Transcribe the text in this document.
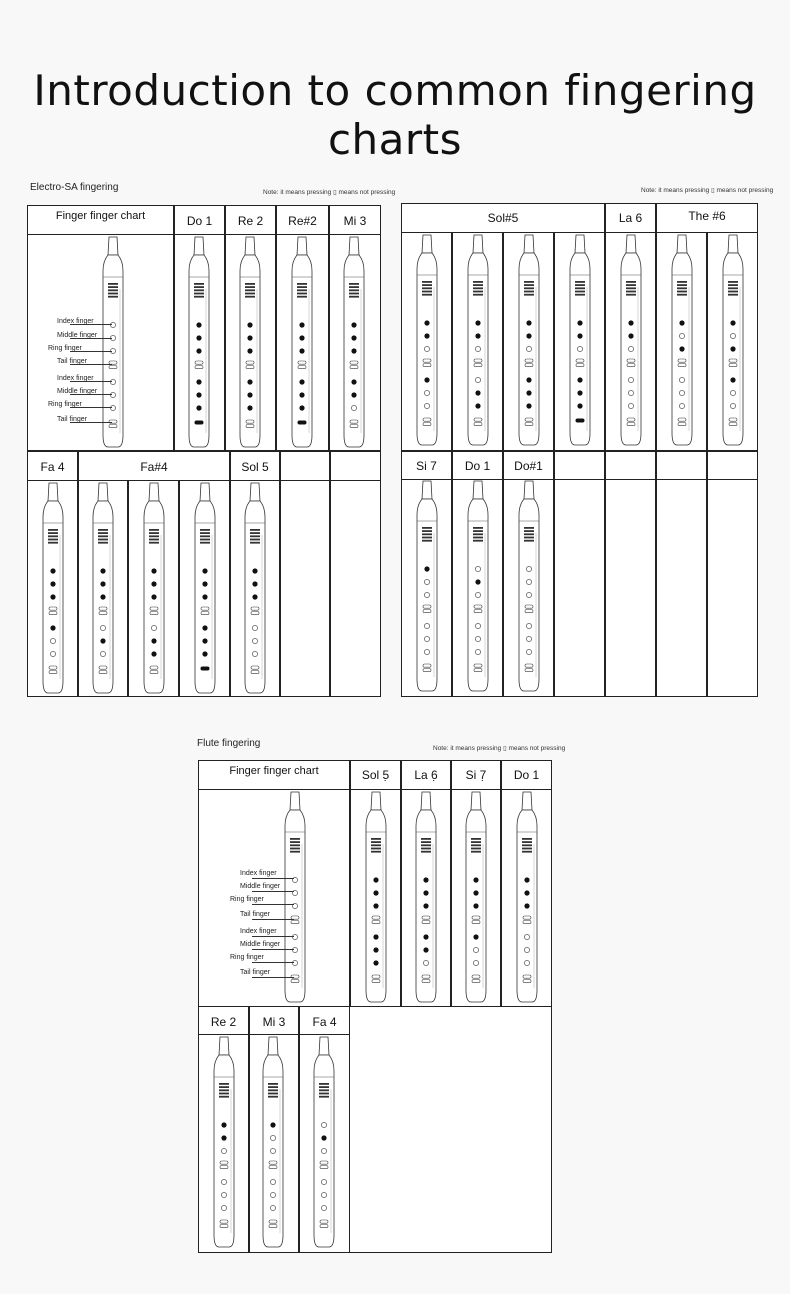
Introduction to common fingering charts
Electro-SA fingering	Note: it means pressing ▯ means not pressing	Note: it means pressing ▯ means not pressing
Finger finger chart
Flute fingering	Note: it means pressing ▯ means not pressing
Finger finger chart
Do 1	Re 2	Re#2	Mi 3
Index finger
Middle finger
Ring finger
Tail finger
Index finger
Middle finger
Ring finger
Tail finger
Sol#5	La 6	The #6
Fa 4	Fa#4	Sol 5	Si 7	Do 1	Do#1
Sol 5̣	La 6̣	Si 7̣	Do 1
Index finger
Middle finger
Ring finger
Tail finger
Index finger
Middle finger
Ring finger
Tail finger
Re 2	Mi 3	Fa 4
